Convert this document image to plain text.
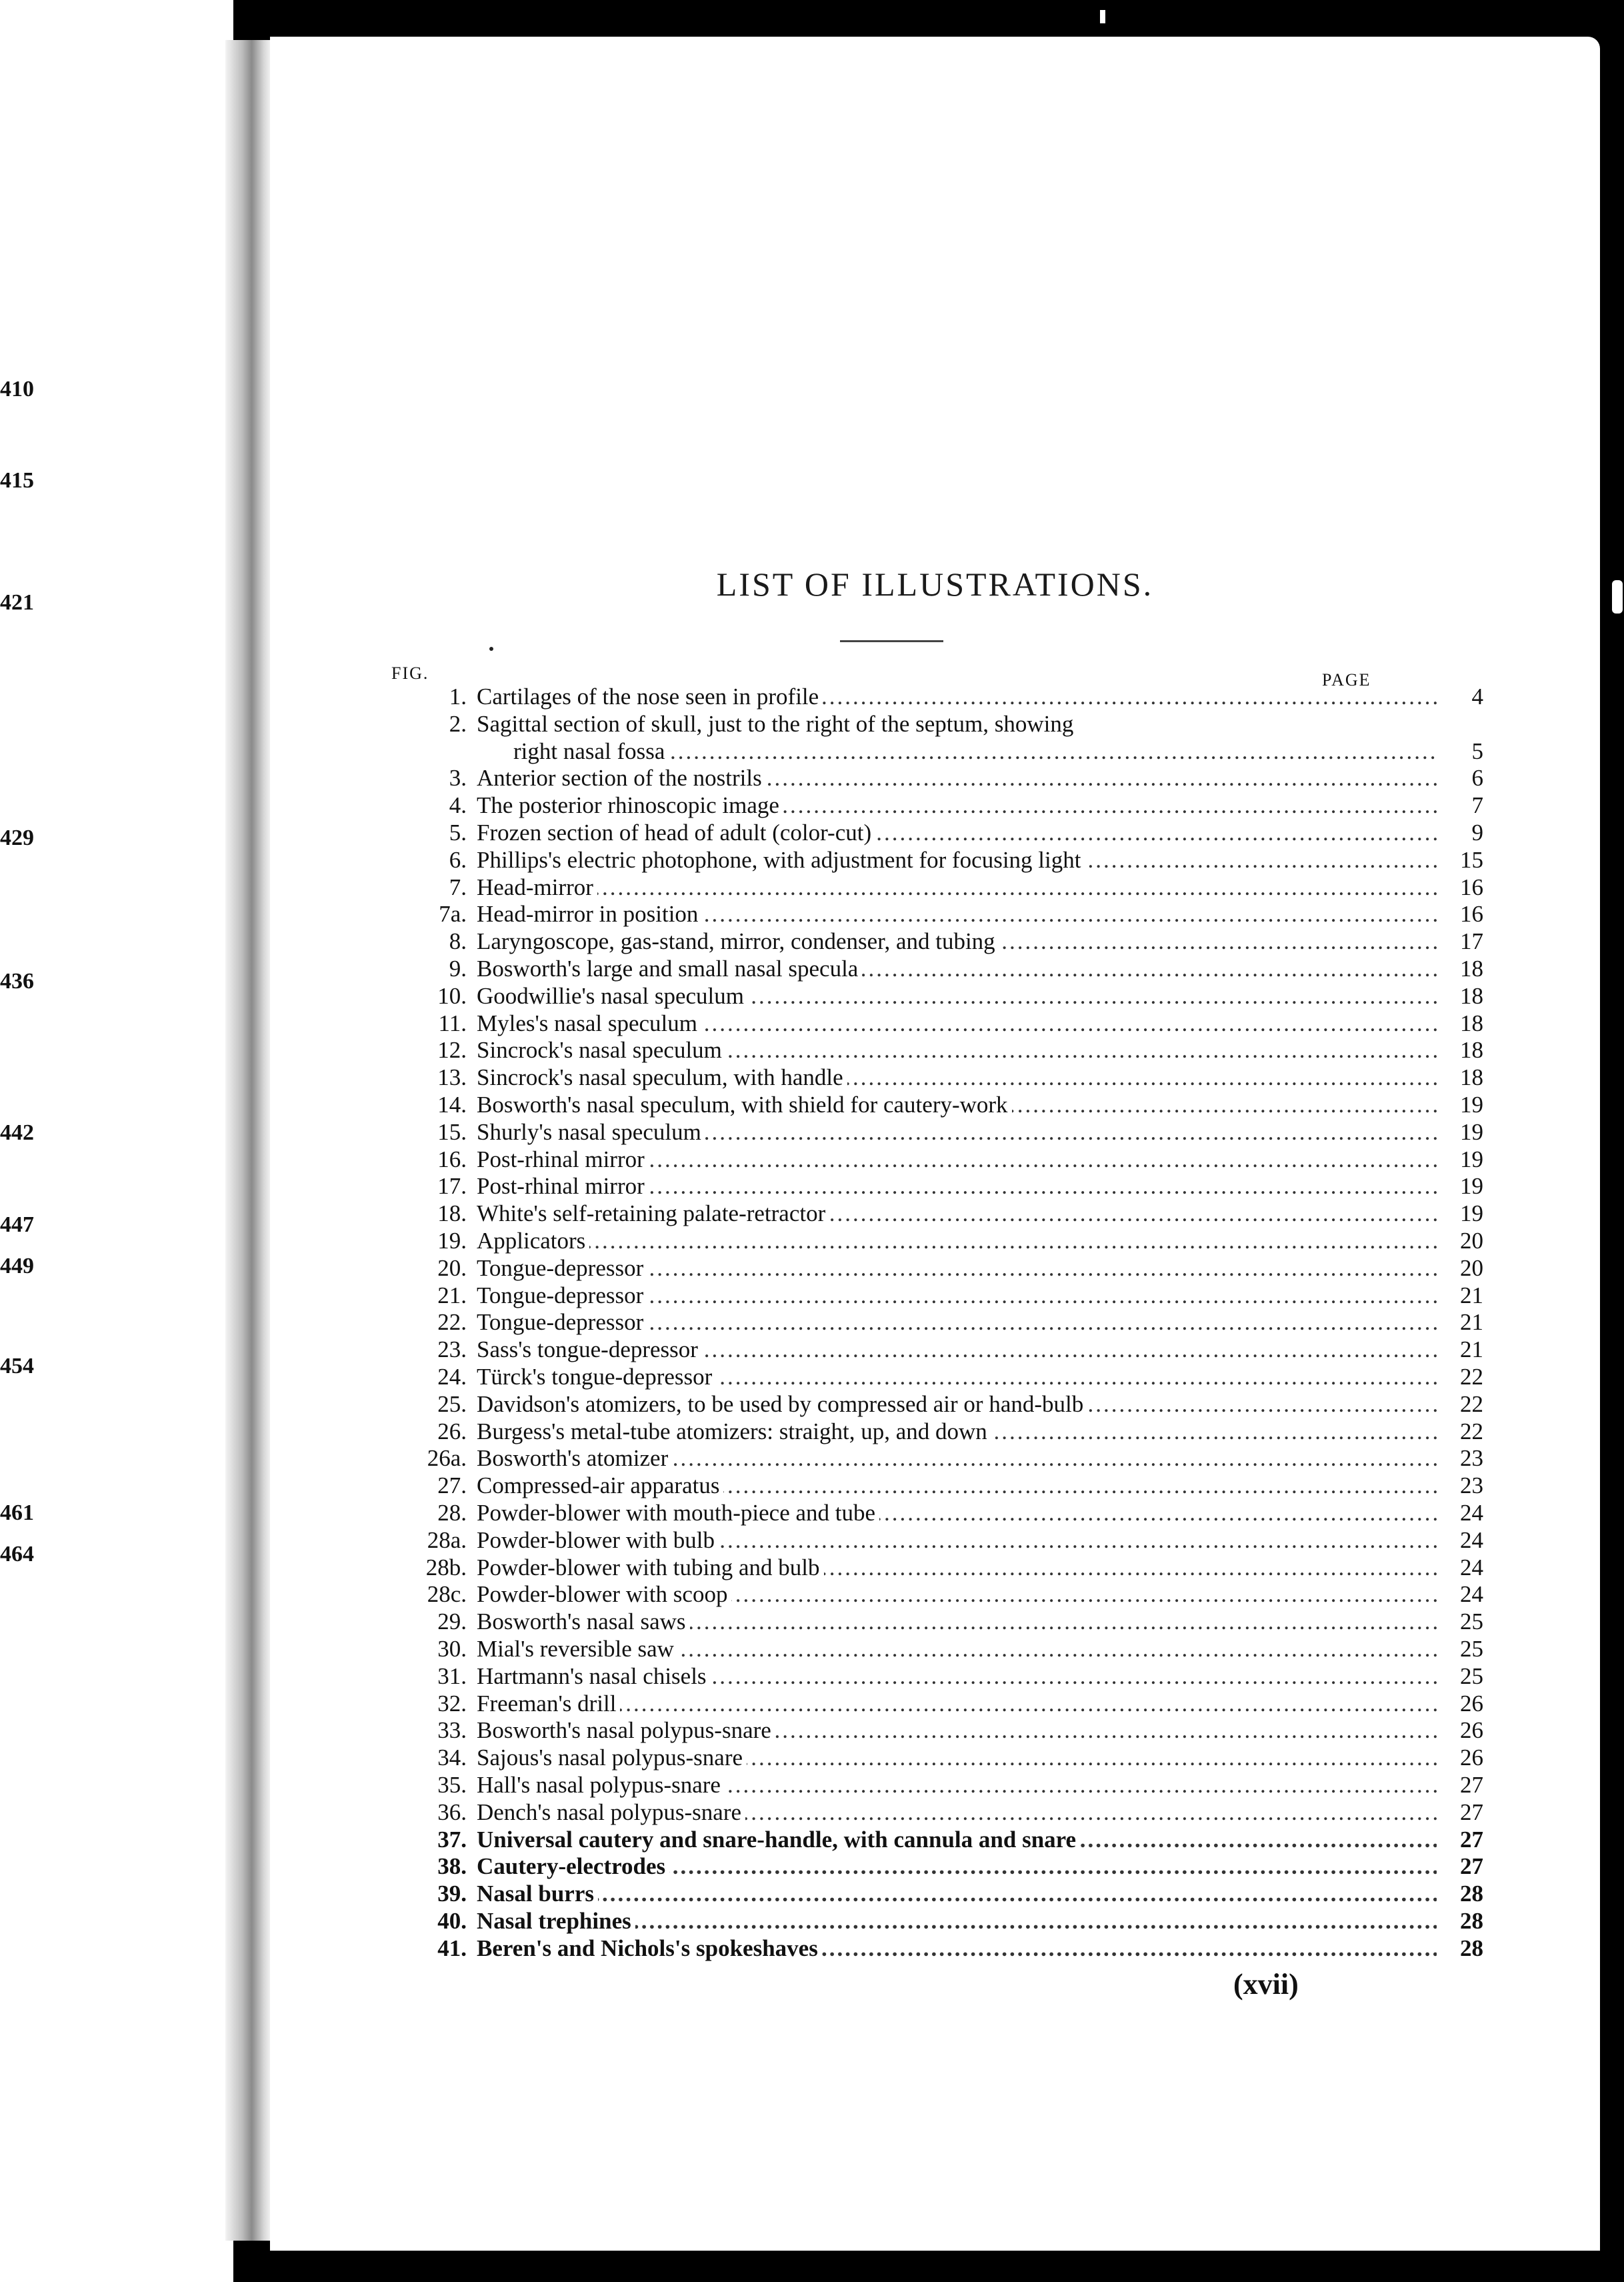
LIST OF ILLUSTRATIONS.
FIG.	PAGE
1. Cartilages of the nose seen in profile .....	4
2. Sagittal section of skull, just to the right of the septum, showing
right nasal fossa .....	5
3. Anterior section of the nostrils .....	6
4. The posterior rhinoscopic image .....	7
5. Frozen section of head of adult (color-cut) .....	9
6. Phillips's electric photophone, with adjustment for focusing light .....	15
7. Head-mirror .....	16
7a. Head-mirror in position .....	16
8. Laryngoscope, gas-stand, mirror, condenser, and tubing .....	17
9. Bosworth's large and small nasal specula .....	18
10. Goodwillie's nasal speculum .....	18
11. Myles's nasal speculum .....	18
12. Sincrock's nasal speculum .....	18
13. Sincrock's nasal speculum, with handle .....	18
14. Bosworth's nasal speculum, with shield for cautery-work .....	19
15. Shurly's nasal speculum .....	19
16. Post-rhinal mirror .....	19
17. Post-rhinal mirror .....	19
18. White's self-retaining palate-retractor .....	19
19. Applicators .....	20
20. Tongue-depressor .....	20
21. Tongue-depressor .....	21
22. Tongue-depressor .....	21
23. Sass's tongue-depressor .....	21
24. Türck's tongue-depressor .....	22
25. Davidson's atomizers, to be used by compressed air or hand-bulb .....	22
26. Burgess's metal-tube atomizers: straight, up, and down .....	22
26a. Bosworth's atomizer .....	23
27. Compressed-air apparatus .....	23
28. Powder-blower with mouth-piece and tube .....	24
28a. Powder-blower with bulb .....	24
28b. Powder-blower with tubing and bulb .....	24
28c. Powder-blower with scoop .....	24
29. Bosworth's nasal saws .....	25
30. Mial's reversible saw .....	25
31. Hartmann's nasal chisels .....	25
32. Freeman's drill .....	26
33. Bosworth's nasal polypus-snare .....	26
34. Sajous's nasal polypus-snare .....	26
35. Hall's nasal polypus-snare .....	27
36. Dench's nasal polypus-snare .....	27
37. Universal cautery and snare-handle, with cannula and snare .....	27
38. Cautery-electrodes .....	27
39. Nasal burrs .....	28
40. Nasal trephines .....	28
41. Beren's and Nichols's spokeshaves .....	28
(xvii)
410
415
421
429
436
442
447
449
454
461
464
